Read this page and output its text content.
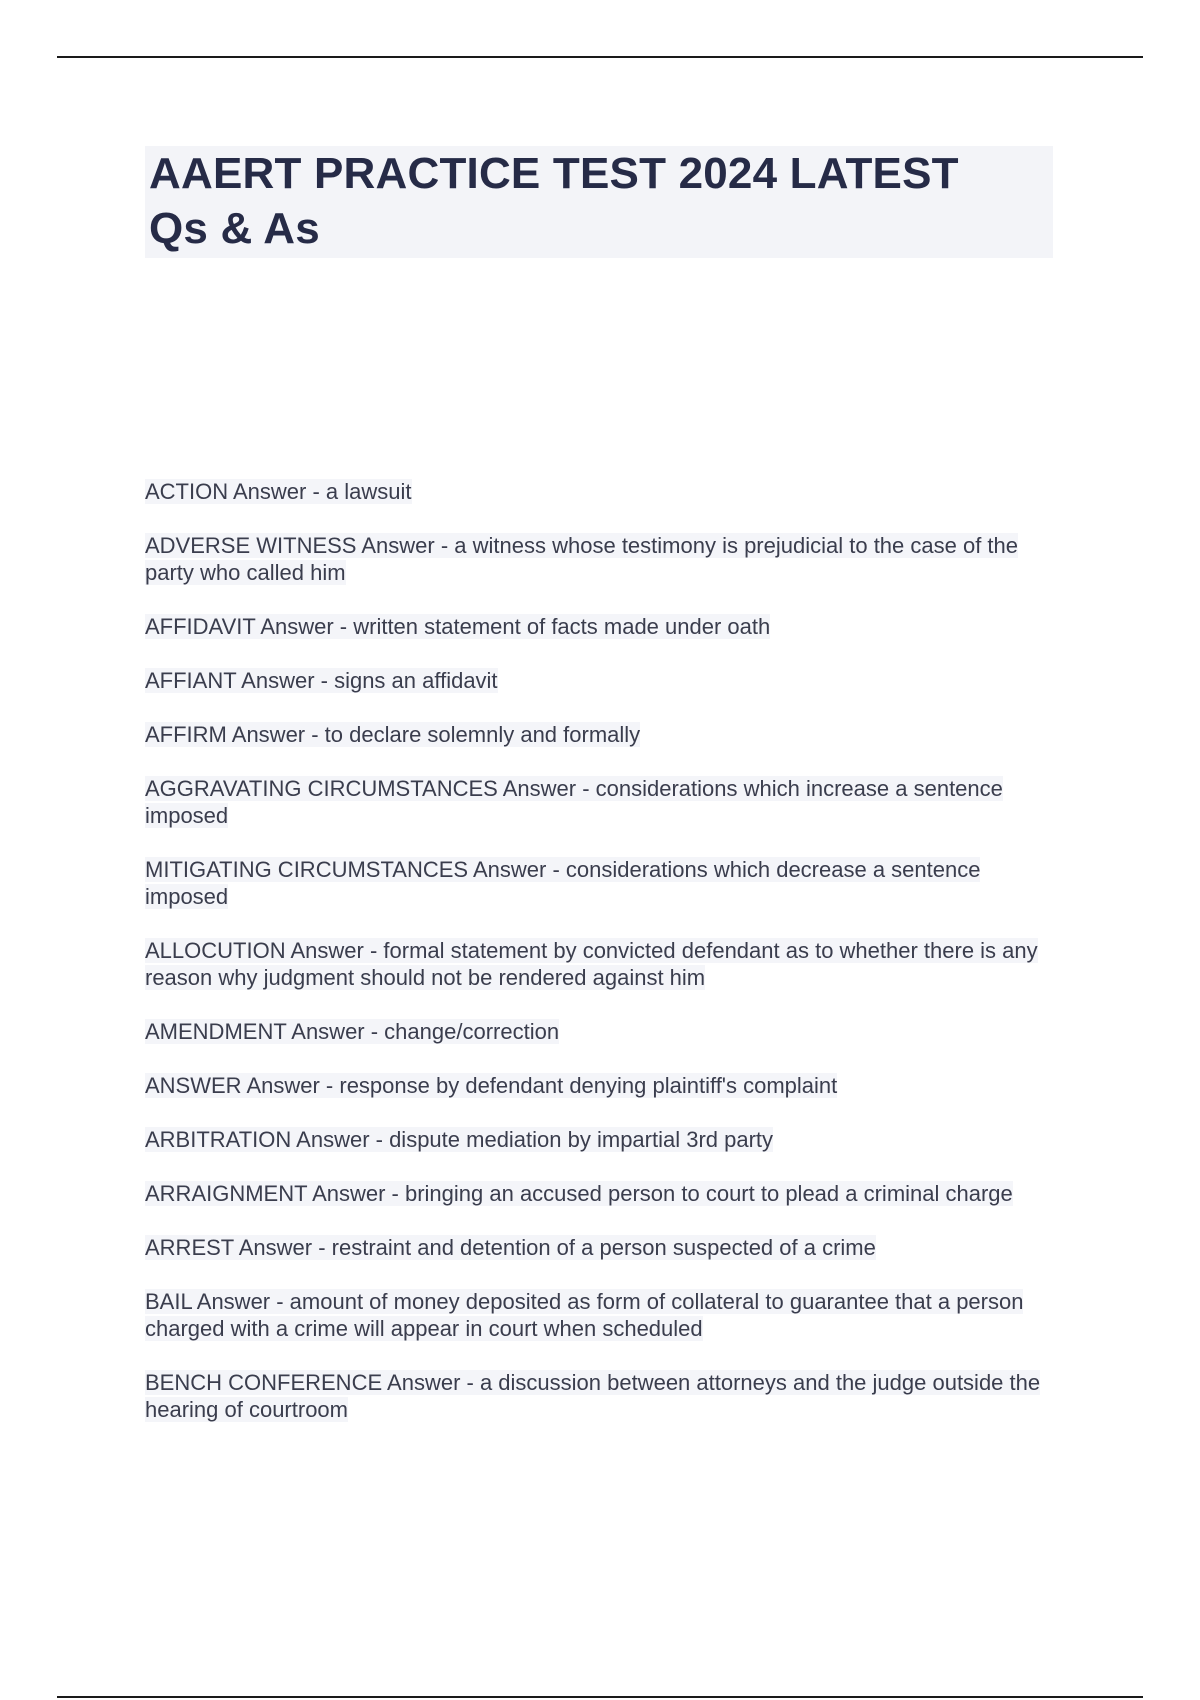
AAERT PRACTICE TEST 2024 LATEST
Qs & As
ACTION Answer - a lawsuit
ADVERSE WITNESS Answer - a witness whose testimony is prejudicial to the case of the party who called him
AFFIDAVIT Answer - written statement of facts made under oath
AFFIANT Answer - signs an affidavit
AFFIRM Answer - to declare solemnly and formally
AGGRAVATING CIRCUMSTANCES Answer - considerations which increase a sentence imposed
MITIGATING CIRCUMSTANCES Answer - considerations which decrease a sentence imposed
ALLOCUTION Answer - formal statement by convicted defendant as to whether there is any reason why judgment should not be rendered against him
AMENDMENT Answer - change/correction
ANSWER Answer - response by defendant denying plaintiff's complaint
ARBITRATION Answer - dispute mediation by impartial 3rd party
ARRAIGNMENT Answer - bringing an accused person to court to plead a criminal charge
ARREST Answer - restraint and detention of a person suspected of a crime
BAIL Answer - amount of money deposited as form of collateral to guarantee that a person charged with a crime will appear in court when scheduled
BENCH CONFERENCE Answer - a discussion between attorneys and the judge outside the hearing of courtroom
